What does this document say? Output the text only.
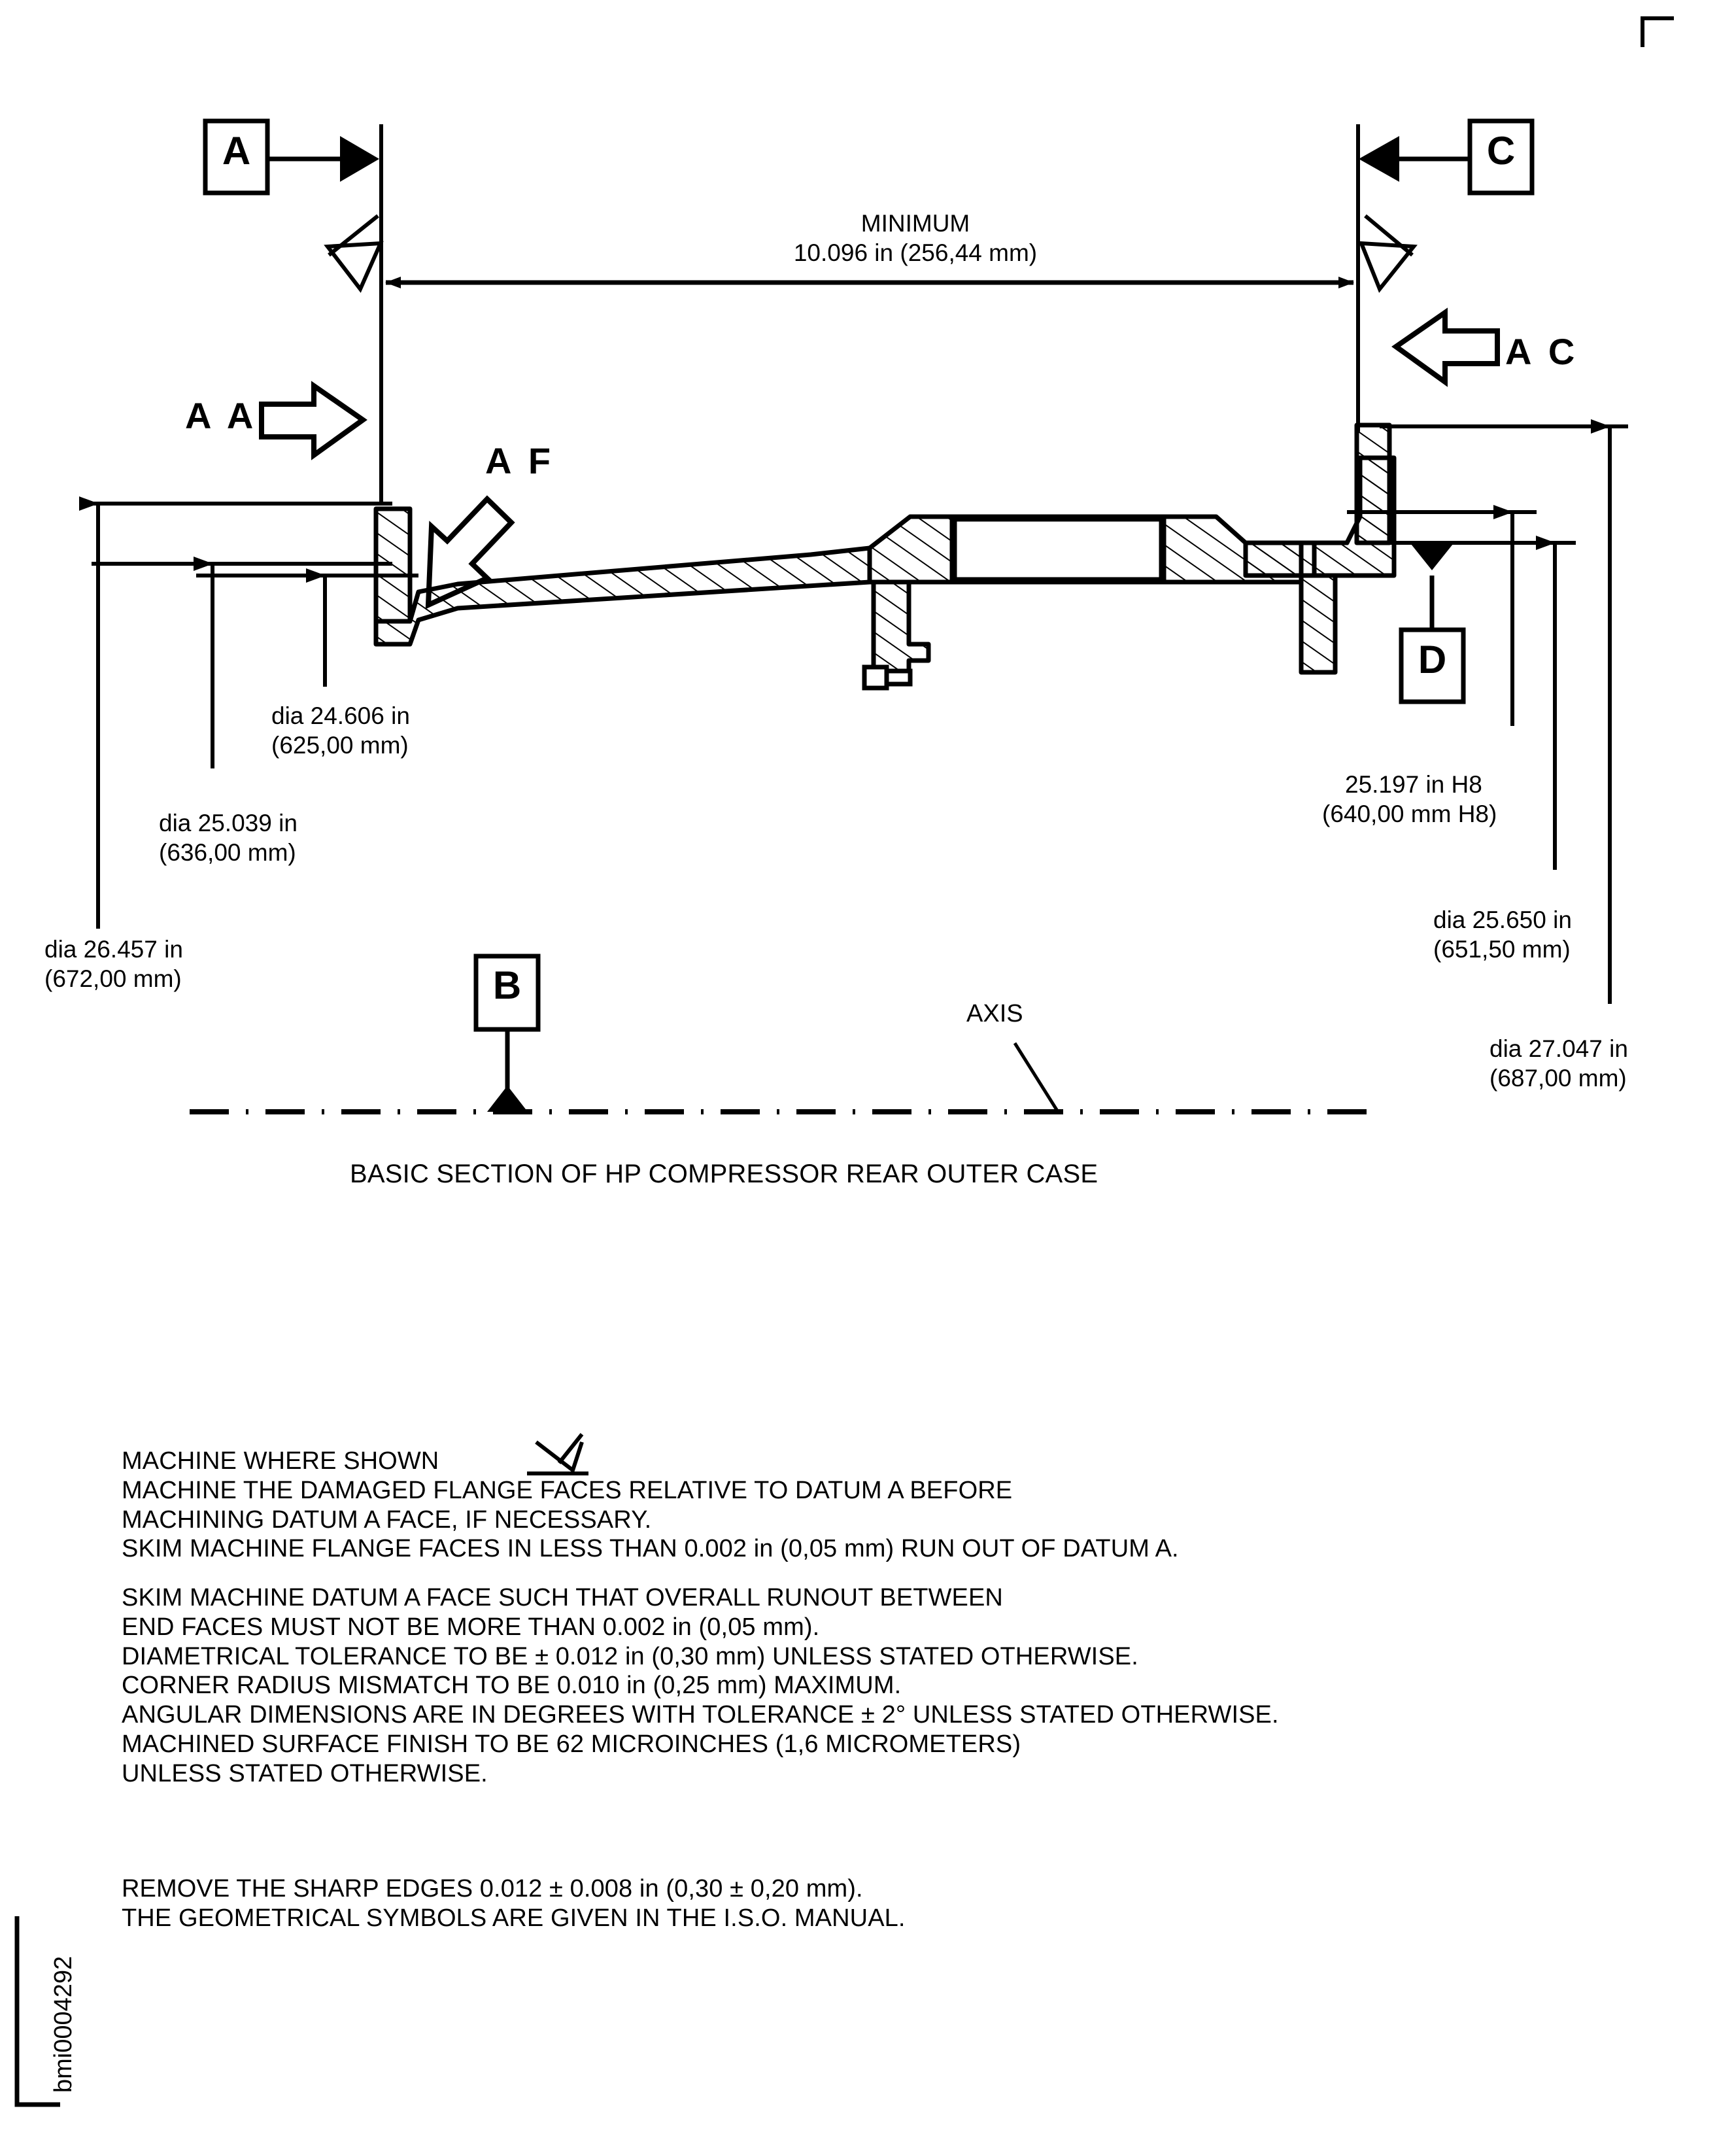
A	C
B
D
A A
A F
A C
MINIMUM
10.096 in (256,44 mm)
dia 24.606 in
(625,00 mm)
dia 25.039 in
(636,00 mm)
dia 26.457 in
(672,00 mm)
25.197 in H8
(640,00 mm H8)
dia 25.650 in
(651,50 mm)
dia 27.047 in
(687,00 mm)
AXIS
BASIC SECTION OF HP COMPRESSOR REAR OUTER CASE
MACHINE WHERE SHOWN
MACHINE THE DAMAGED FLANGE FACES RELATIVE TO DATUM A BEFORE
MACHINING DATUM A FACE, IF NECESSARY.
SKIM MACHINE FLANGE FACES IN LESS THAN 0.002 in (0,05 mm) RUN OUT OF DATUM A.
SKIM MACHINE DATUM A FACE SUCH THAT OVERALL RUNOUT BETWEEN
END FACES MUST NOT BE MORE THAN 0.002 in (0,05 mm).
DIAMETRICAL TOLERANCE TO BE ± 0.012 in (0,30 mm) UNLESS STATED OTHERWISE.
CORNER RADIUS MISMATCH TO BE 0.010 in (0,25 mm) MAXIMUM.
ANGULAR DIMENSIONS ARE IN DEGREES WITH TOLERANCE ± 2° UNLESS STATED OTHERWISE.
MACHINED SURFACE FINISH TO BE 62 MICROINCHES (1,6 MICROMETERS)
UNLESS STATED OTHERWISE.
REMOVE THE SHARP EDGES 0.012 ± 0.008 in (0,30 ± 0,20 mm).
THE GEOMETRICAL SYMBOLS ARE GIVEN IN THE I.S.O. MANUAL.
bmi0004292
